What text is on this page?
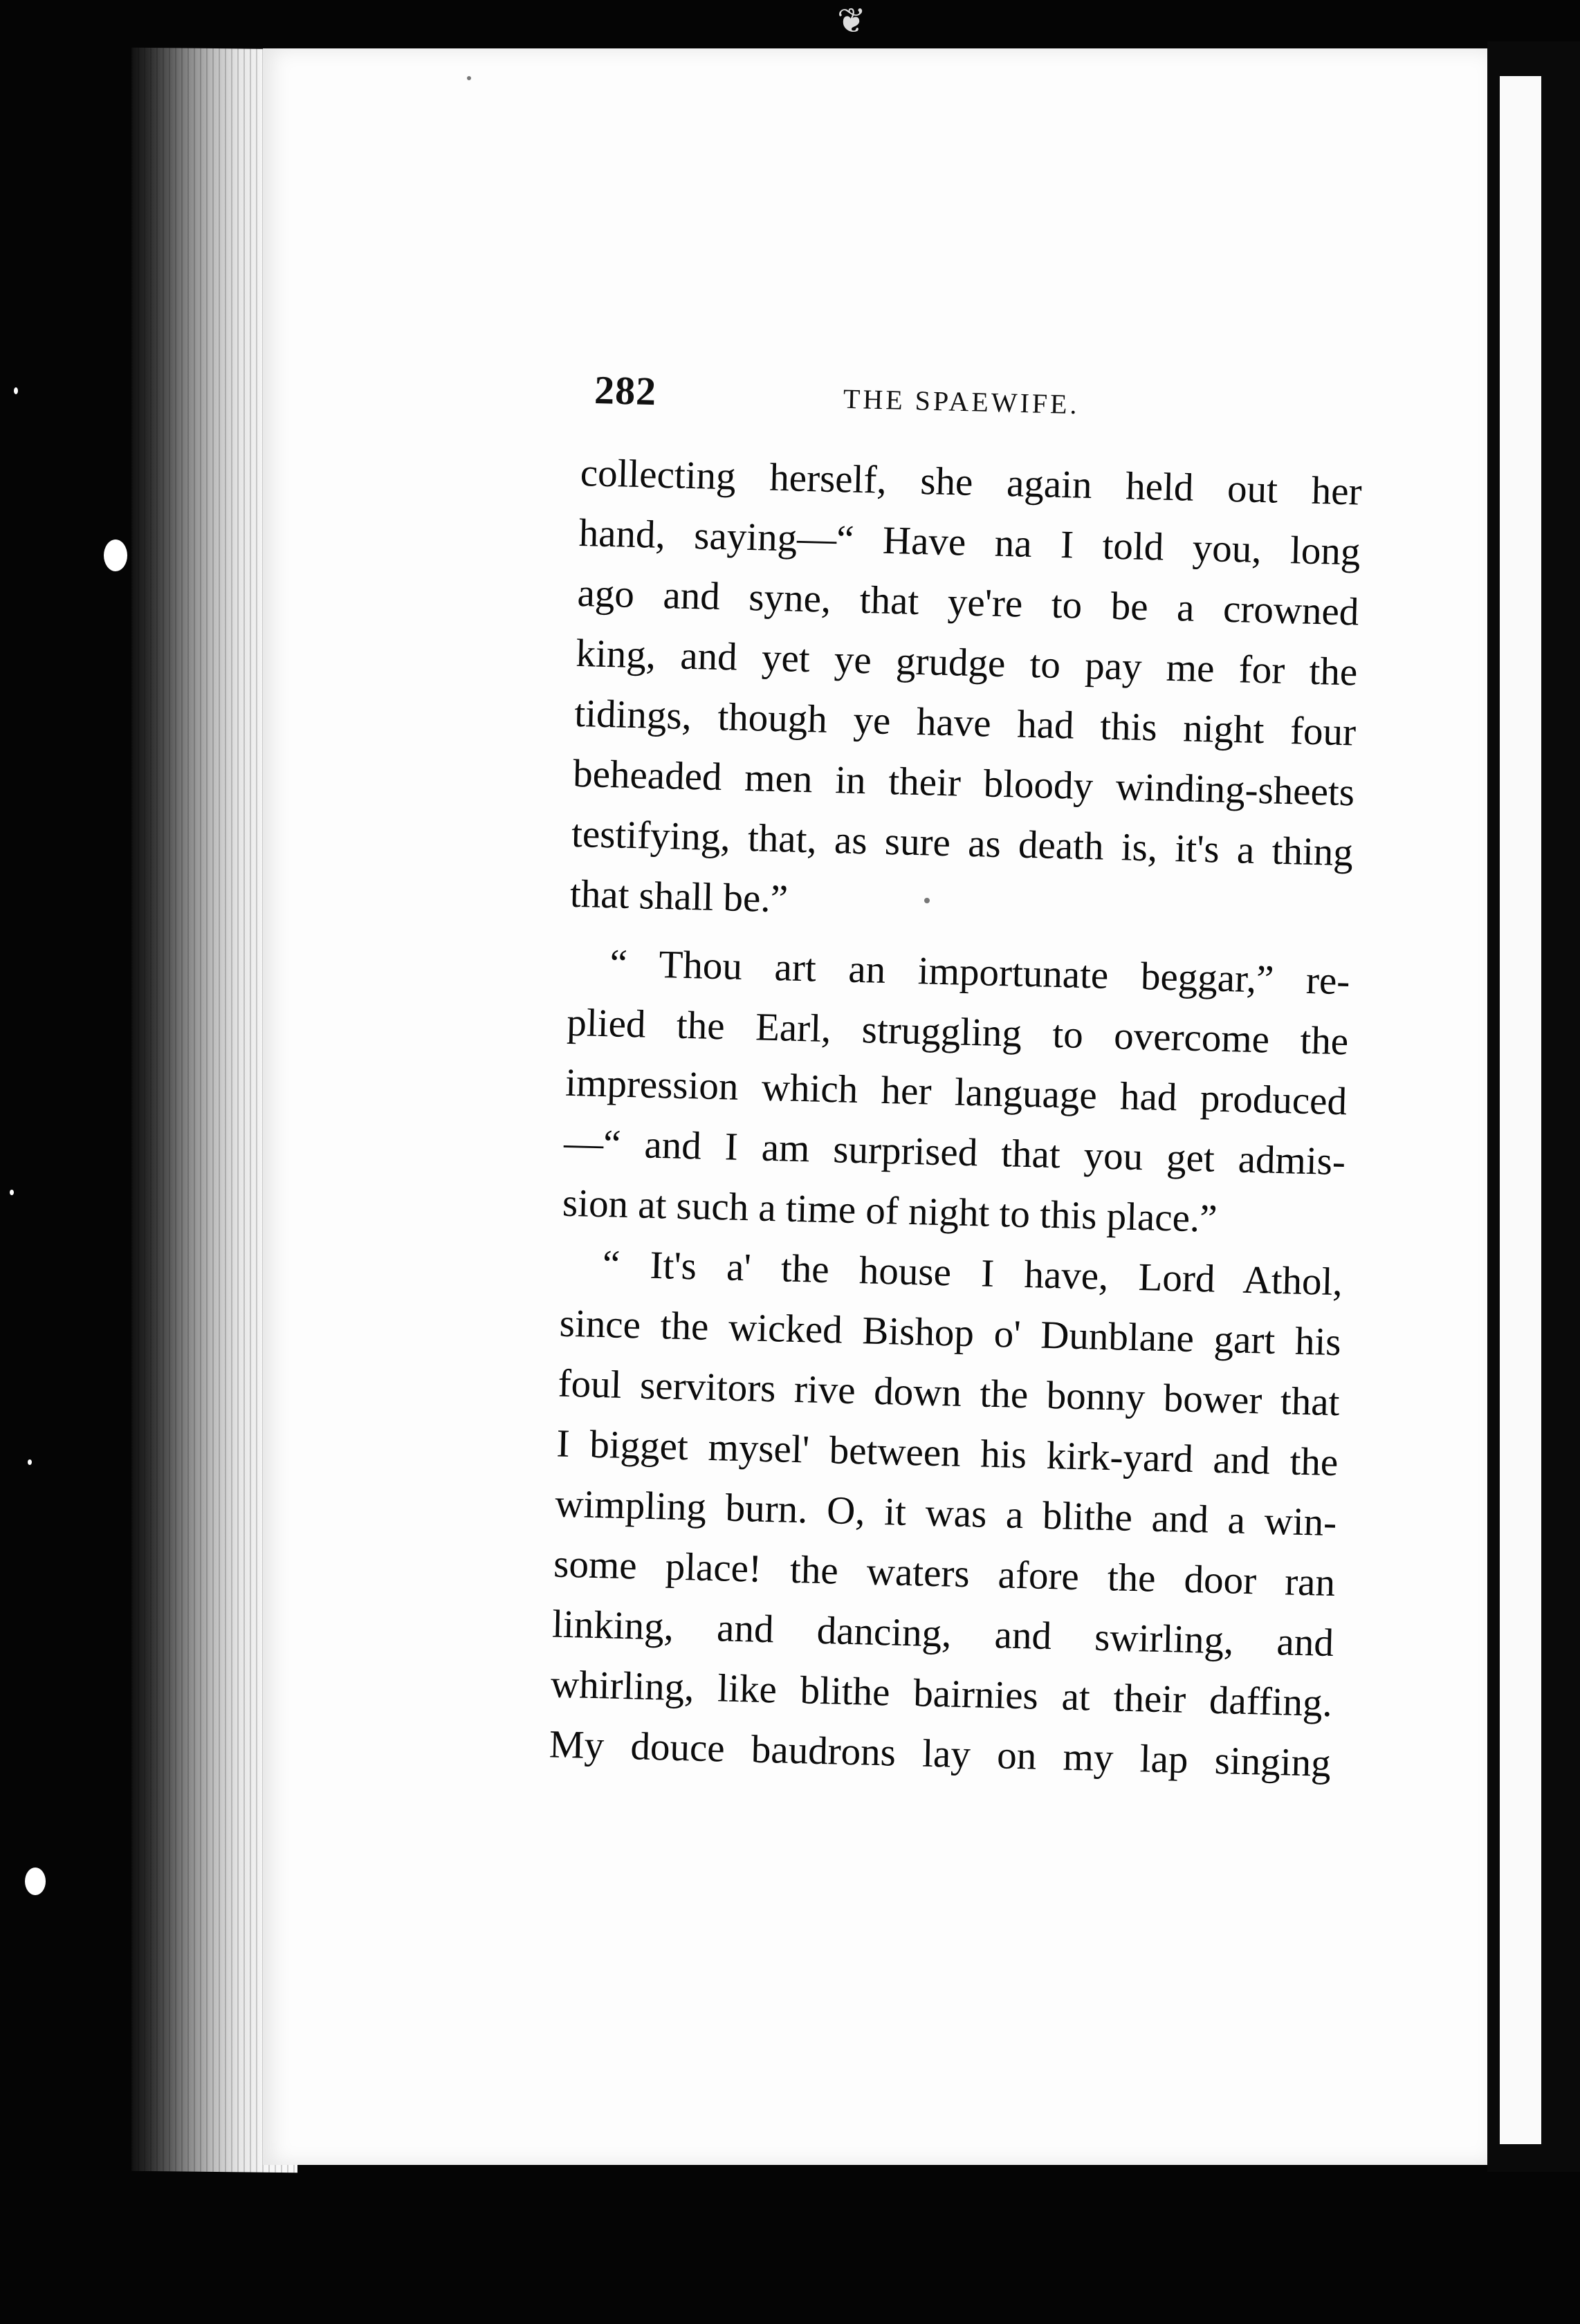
❦
282	THE SPAEWIFE.
collecting herself, she again held out her
hand, saying—“ Have na I told you, long
ago and syne, that ye're to be a crowned
king, and yet ye grudge to pay me for the
tidings, though ye have had this night four
beheaded men in their bloody winding-sheets
testifying, that, as sure as death is, it's a thing
that shall be.”
“ Thou art an importunate beggar,” re-
plied the Earl, struggling to overcome the
impression which her language had produced
—“ and I am surprised that you get admis-
sion at such a time of night to this place.”
“ It's a' the house I have, Lord Athol,
since the wicked Bishop o' Dunblane gart his
foul servitors rive down the bonny bower that
I bigget mysel' between his kirk-yard and the
wimpling burn. O, it was a blithe and a win-
some place! the waters afore the door ran
linking, and dancing, and swirling, and
whirling, like blithe bairnies at their daffing.
My douce baudrons lay on my lap singing
